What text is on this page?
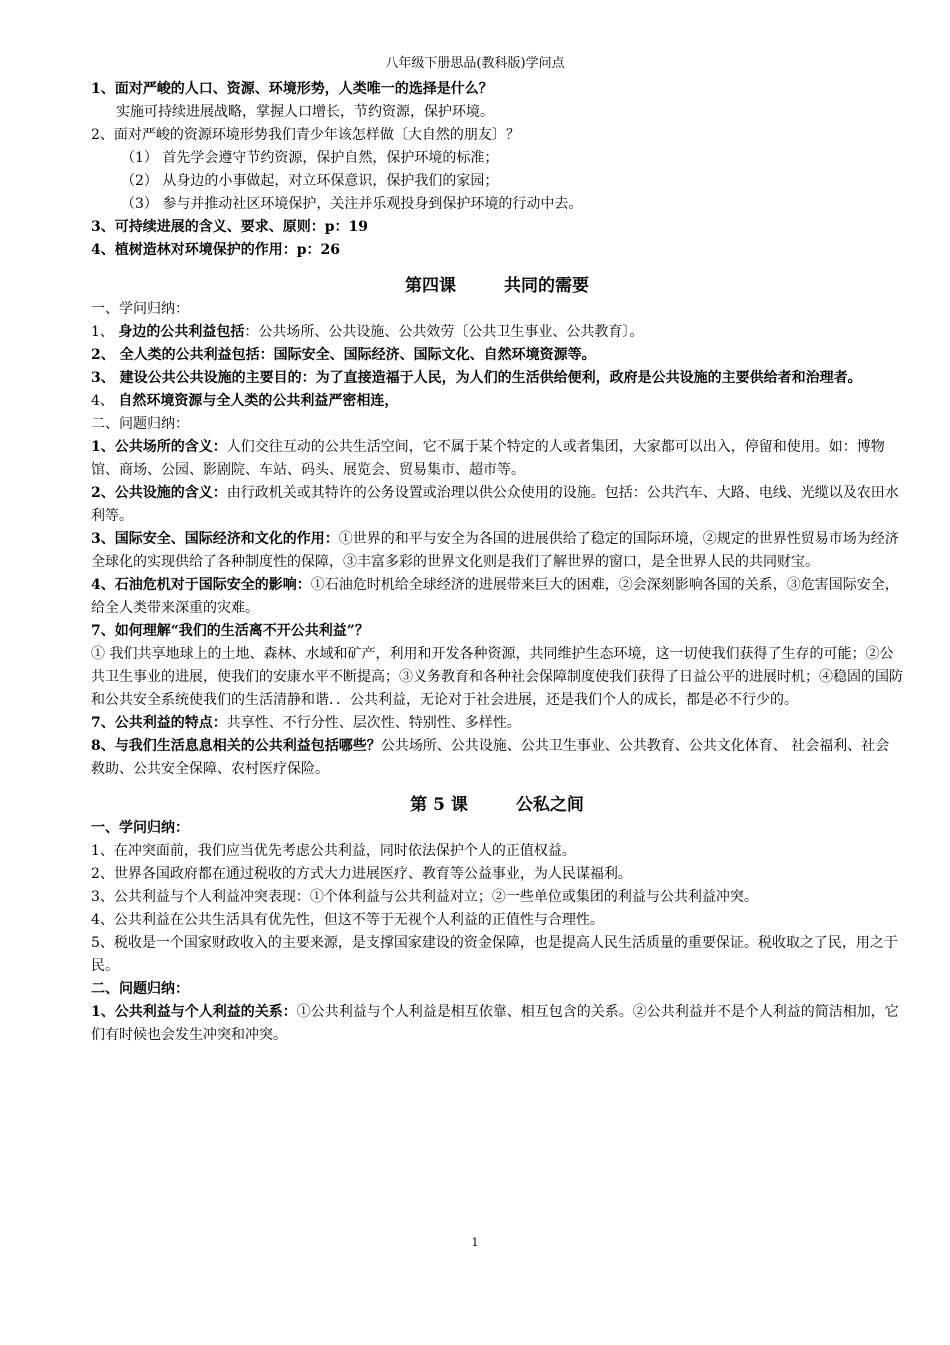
八年级下册思品(教科版)学问点

1、面对严峻的人口、资源、环境形势，人类唯一的选择是什么？

实施可持续进展战略，掌握人口增长，节约资源，保护环境。

2、面对严峻的资源环境形势我们青少年该怎样做〔大自然的朋友〕？

（1） 首先学会遵守节约资源，保护自然，保护环境的标准；

（2） 从身边的小事做起，对立环保意识，保护我们的家园；

（3） 参与并推动社区环境保护，关注并乐观投身到保护环境的行动中去。

3、可持续进展的含义、要求、原则：p：19

4、植树造林对环境保护的作用：p：26

第四课	共同的需要

一、学问归纳：

1、 身边的公共利益包括：公共场所、公共设施、公共效劳〔公共卫生事业、公共教育〕。

2、 全人类的公共利益包括：国际安全、国际经济、国际文化、自然环境资源等。

3、 建设公共公共设施的主要目的：为了直接造福于人民，为人们的生活供给便利，政府是公共设施的主要供给者和治理者。

4、 自然环境资源与全人类的公共利益严密相连，

二、问题归纳：

1、公共场所的含义：人们交往互动的公共生活空间，它不属于某个特定的人或者集团，大家都可以出入，停留和使用。如：博物馆、商场、公园、影剧院、车站、码头、展览会、贸易集市、超市等。

2、公共设施的含义：由行政机关或其特许的公务设置或治理以供公众使用的设施。包括：公共汽车、大路、电线、光缆以及农田水利等。

3、国际安全、国际经济和文化的作用：①世界的和平与安全为各国的进展供给了稳定的国际环境，②规定的世界性贸易市场为经济全球化的实现供给了各种制度性的保障，③丰富多彩的世界文化则是我们了解世界的窗口，是全世界人民的共同财宝。

4、石油危机对于国际安全的影响：①石油危时机给全球经济的进展带来巨大的困难，②会深刻影响各国的关系，③危害国际安全，给全人类带来深重的灾难。

7、如何理解“我们的生活离不开公共利益”？

① 我们共享地球上的土地、森林、水域和矿产，利用和开发各种资源，共同维护生态环境，这一切使我们获得了生存的可能；②公共卫生事业的进展，使我们的安康水平不断提高；③义务教育和各种社会保障制度使我们获得了日益公平的进展时机；④稳固的国防和公共安全系统使我们的生活清静和谐．．公共利益，无论对于社会进展，还是我们个人的成长，都是必不行少的。

7、公共利益的特点：共享性、不行分性、层次性、特别性、多样性。

8、与我们生活息息相关的公共利益包括哪些？公共场所、公共设施、公共卫生事业、公共教育、公共文化体育、 社会福利、社会救助、公共安全保障、农村医疗保险。

第 5 课	公私之间

一、学问归纳：

1、在冲突面前，我们应当优先考虑公共利益，同时依法保护个人的正值权益。

2、世界各国政府都在通过税收的方式大力进展医疗、教育等公益事业，为人民谋福利。

3、公共利益与个人利益冲突表现：①个体利益与公共利益对立；②一些单位或集团的利益与公共利益冲突。

4、公共利益在公共生活具有优先性，但这不等于无视个人利益的正值性与合理性。

5、税收是一个国家财政收入的主要来源，是支撑国家建设的资金保障，也是提高人民生活质量的重要保证。税收取之了民，用之于民。

二、问题归纳：

1、公共利益与个人利益的关系：①公共利益与个人利益是相互依靠、相互包含的关系。②公共利益并不是个人利益的简洁相加，它们有时候也会发生冲突和冲突。

1
